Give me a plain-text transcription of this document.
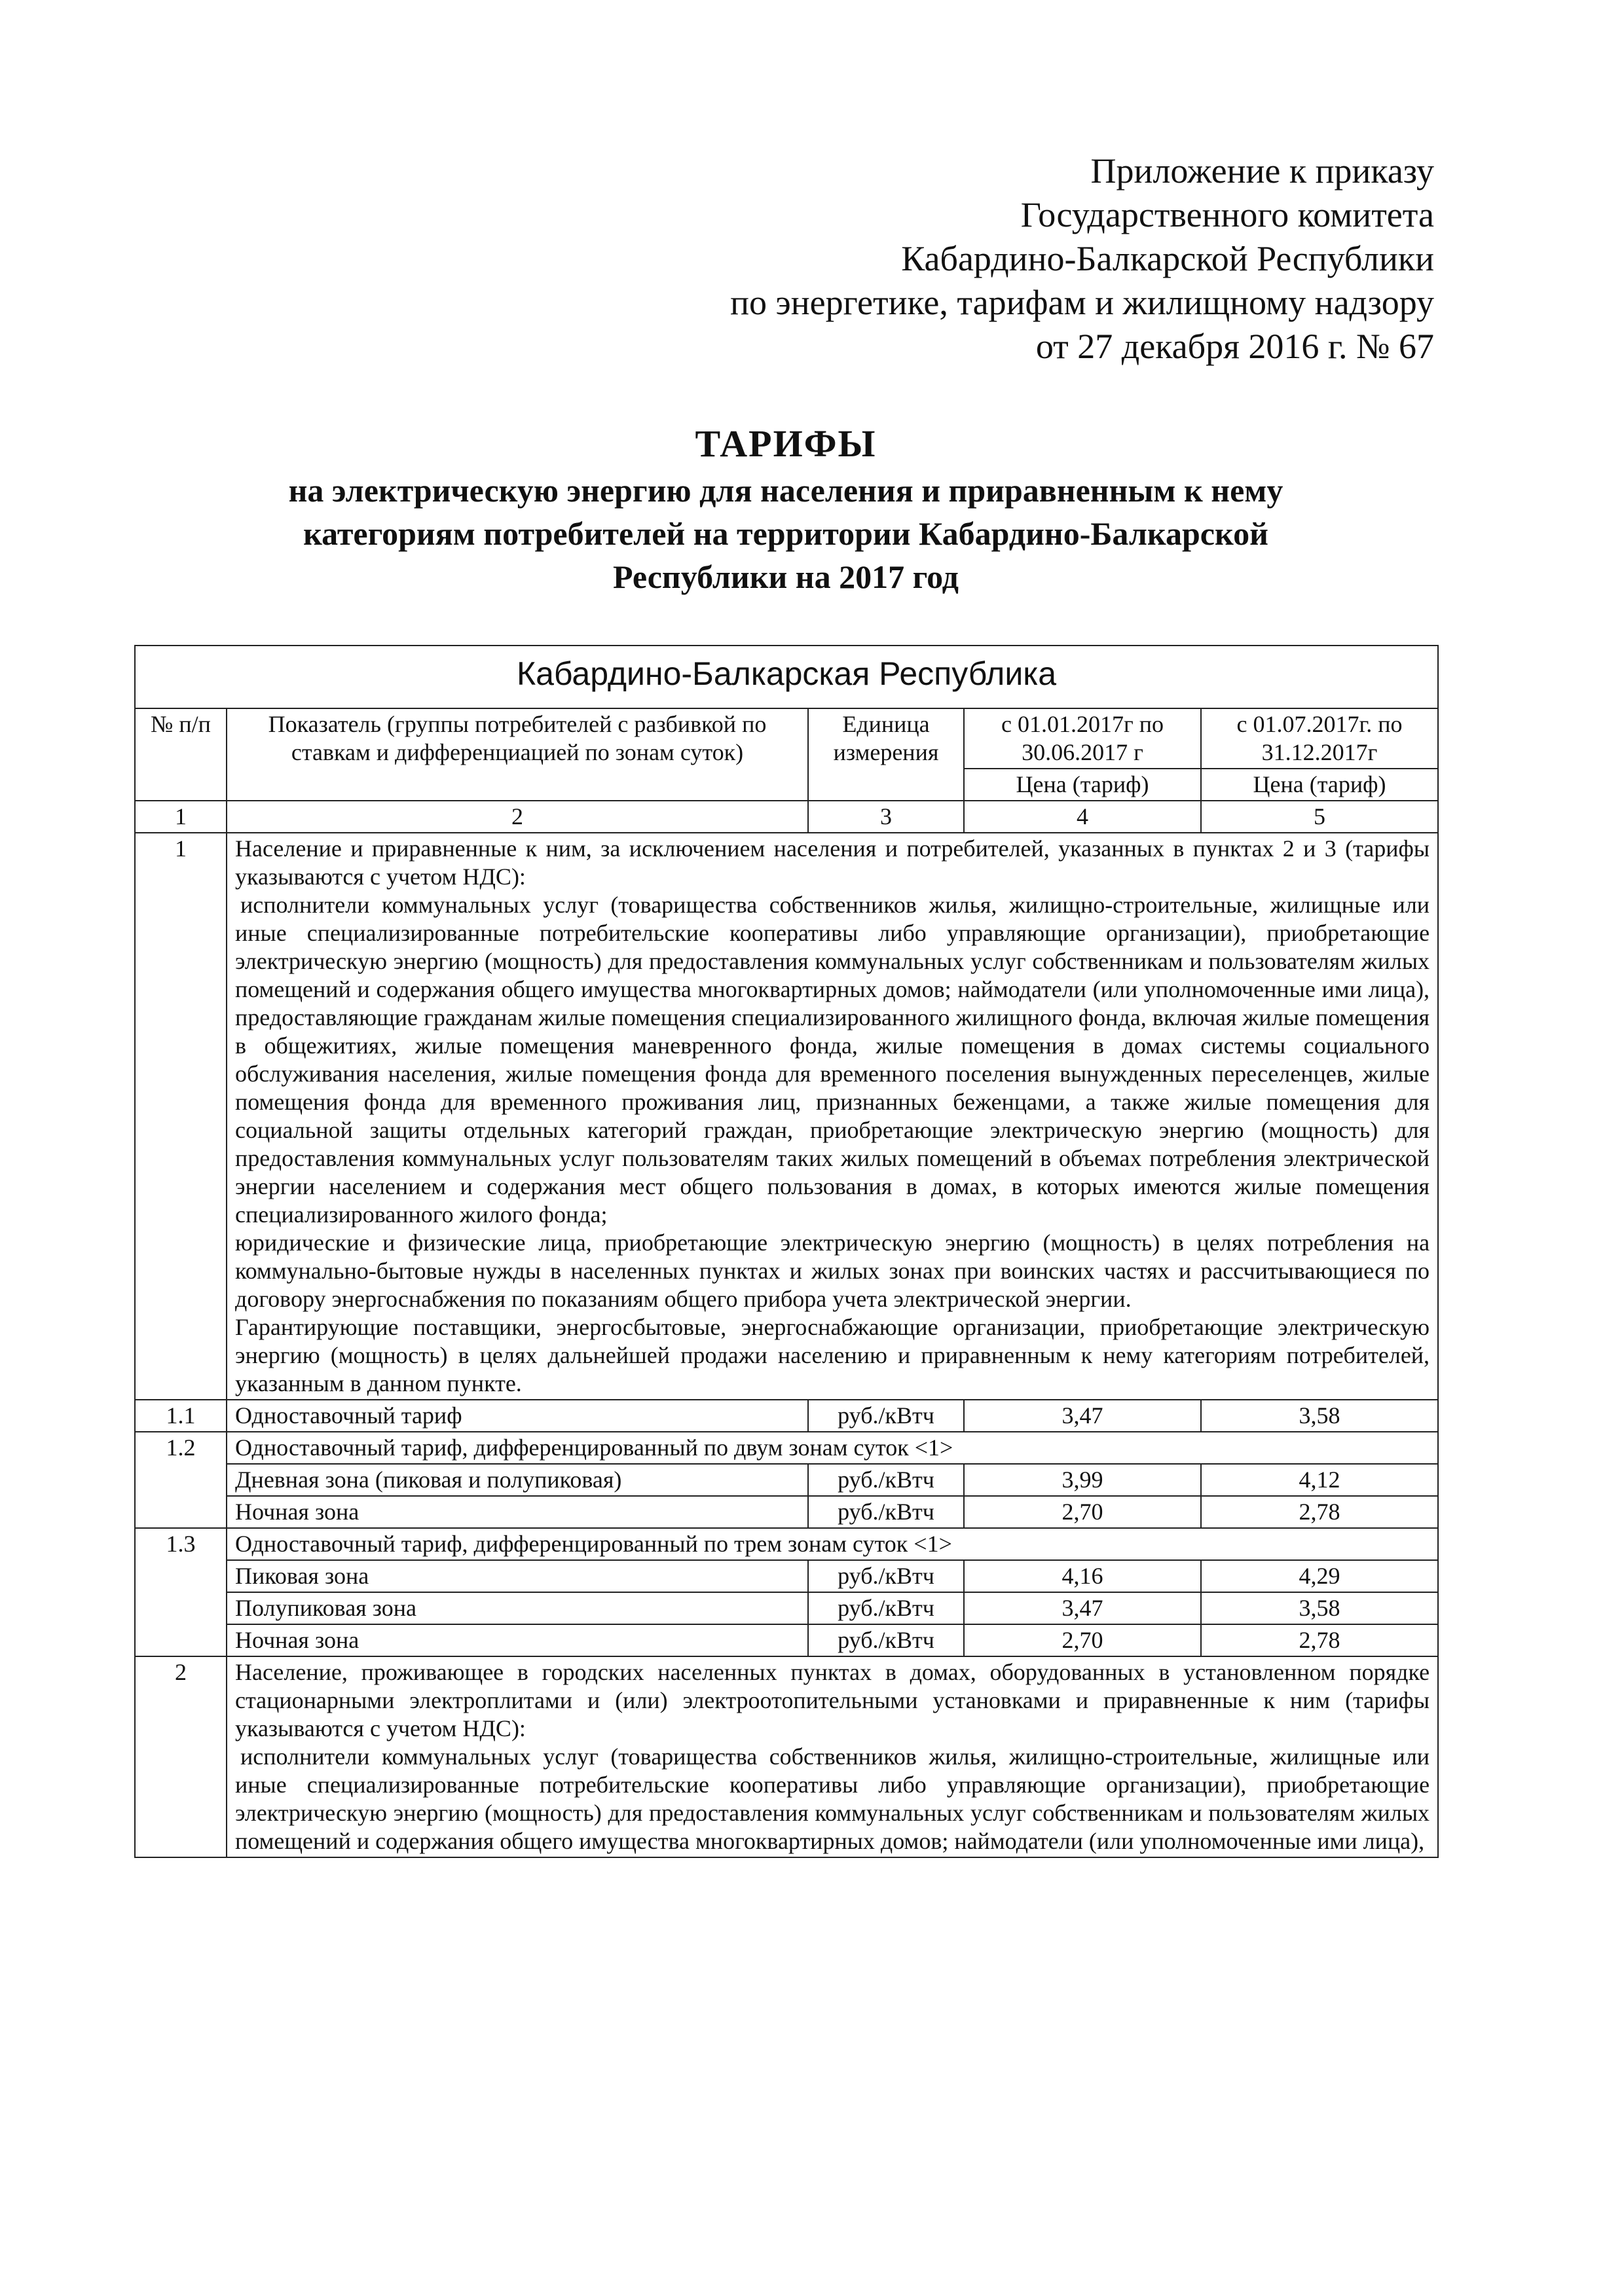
Приложение к приказу
Государственного комитета
Кабардино-Балкарской Республики
по энергетике, тарифам и жилищному надзору
от 27 декабря 2016 г. № 67
ТАРИФЫ
на электрическую энергию для населения и приравненным к нему
категориям потребителей на территории Кабардино-Балкарской
Республики на 2017 год
Кабардино-Балкарская Республика				
№ п/п	Показатель (группы потребителей с разбивкой по ставкам и дифференциацией по зонам суток)	Единица измерения	с 01.01.2017г по 30.06.2017 г	с 01.07.2017г. по 31.12.2017г
			Цена (тариф)	Цена (тариф)
1	2	3	4	5
1	Население и приравненные к ним, за исключением населения и потребителей, указанных в пунктах 2 и 3 (тарифы указываются с учетом НДС):

исполнители коммунальных услуг (товарищества собственников жилья, жилищно-строительные, жилищные или иные специализированные потребительские кооперативы либо управляющие организации), приобретающие электрическую энергию (мощность) для предоставления коммунальных услуг собственникам и пользователям жилых помещений и содержания общего имущества многоквартирных домов; наймодатели (или уполномоченные ими лица), предоставляющие гражданам жилые помещения специализированного жилищного фонда, включая жилые помещения в общежитиях, жилые помещения маневренного фонда, жилые помещения в домах системы социального обслуживания населения, жилые помещения фонда для временного поселения вынужденных переселенцев, жилые помещения фонда для временного проживания лиц, признанных беженцами, а также жилые помещения для социальной защиты отдельных категорий граждан, приобретающие электрическую энергию (мощность) для предоставления коммунальных услуг пользователям таких жилых помещений в объемах потребления электрической энергии населением и содержания мест общего пользования в домах, в которых имеются жилые помещения специализированного жилого фонда;

юридические и физические лица, приобретающие электрическую энергию (мощность) в целях потребления на коммунально-бытовые нужды в населенных пунктах и жилых зонах при воинских частях и рассчитывающиеся по договору энергоснабжения по показаниям общего прибора учета электрической энергии.

Гарантирующие поставщики, энергосбытовые, энергоснабжающие организации, приобретающие электрическую энергию (мощность) в целях дальнейшей продажи населению и приравненным к нему категориям потребителей, указанным в данном пункте.			

1.1	Одноставочный тариф	руб./кВтч	3,47	3,58
1.2	Одноставочный тариф, дифференцированный по двум зонам суток <1>			
	Дневная зона (пиковая и полупиковая)	руб./кВтч	3,99	4,12
	Ночная зона	руб./кВтч	2,70	2,78
1.3	Одноставочный тариф, дифференцированный по трем зонам суток <1>			
	Пиковая зона	руб./кВтч	4,16	4,29
	Полупиковая зона	руб./кВтч	3,47	3,58
	Ночная зона	руб./кВтч	2,70	2,78
2	Население, проживающее в городских населенных пунктах в домах, оборудованных в установленном порядке стационарными электроплитами и (или) электроотопительными установками и приравненные к ним (тарифы указываются с учетом НДС):

исполнители коммунальных услуг (товарищества собственников жилья, жилищно-строительные, жилищные или иные специализированные потребительские кооперативы либо управляющие организации), приобретающие электрическую энергию (мощность) для предоставления коммунальных услуг собственникам и пользователям жилых помещений и содержания общего имущества многоквартирных домов; наймодатели (или уполномоченные ими лица),			
